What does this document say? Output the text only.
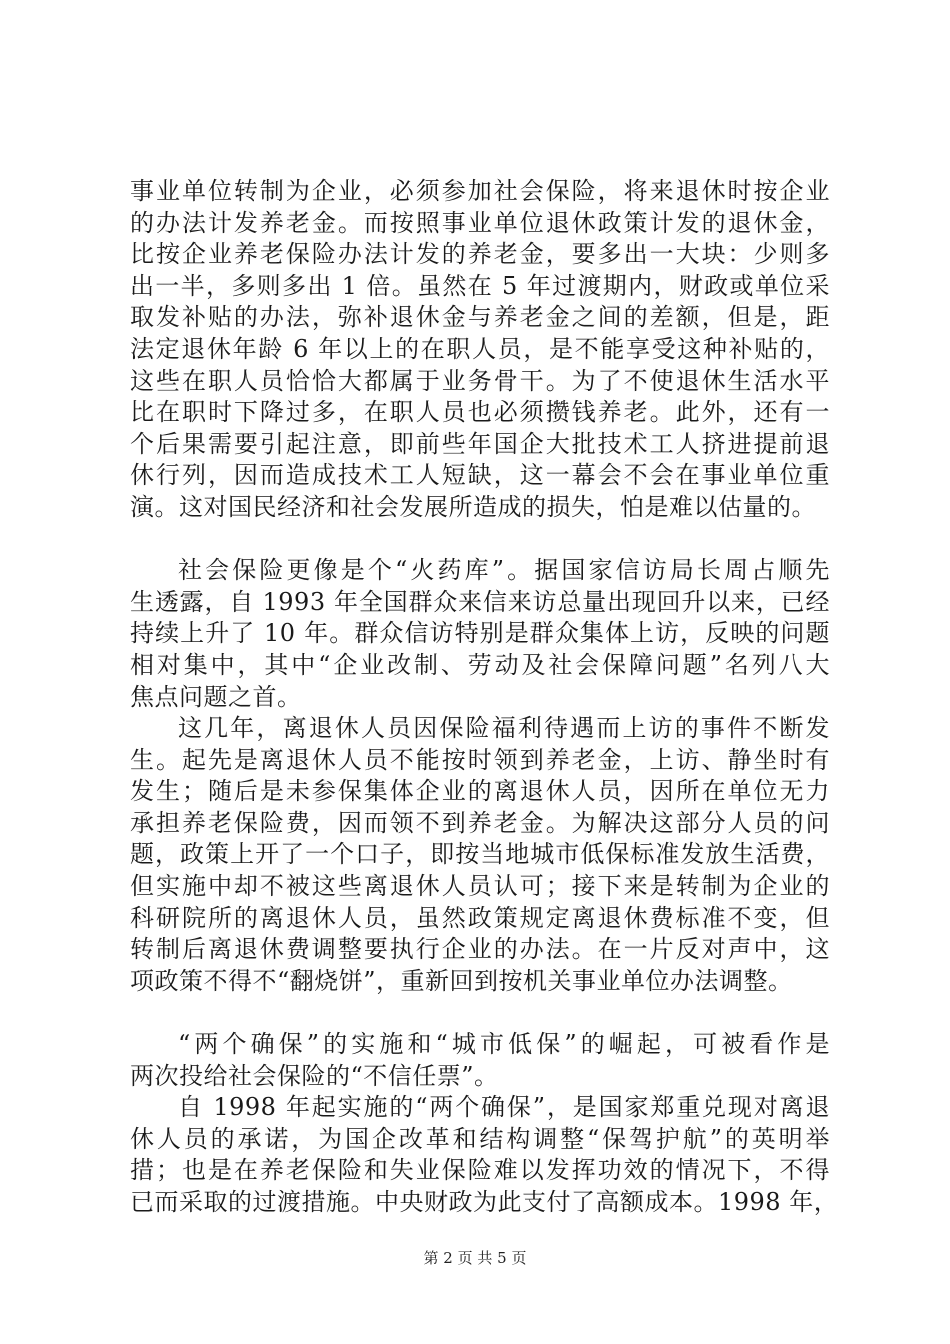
事业单位转制为企业，必须参加社会保险，将来退休时按企业
的办法计发养老金。而按照事业单位退休政策计发的退休金，
比按企业养老保险办法计发的养老金，要多出一大块：少则多
出一半，多则多出 1 倍。虽然在 5 年过渡期内，财政或单位采
取发补贴的办法，弥补退休金与养老金之间的差额，但是，距
法定退休年龄 6 年以上的在职人员，是不能享受这种补贴的，
这些在职人员恰恰大都属于业务骨干。为了不使退休生活水平
比在职时下降过多，在职人员也必须攒钱养老。此外，还有一
个后果需要引起注意，即前些年国企大批技术工人挤进提前退
休行列，因而造成技术工人短缺，这一幕会不会在事业单位重
演。这对国民经济和社会发展所造成的损失，怕是难以估量的。
社会保险更像是个“火药库”。据国家信访局长周占顺先
生透露，自 1993 年全国群众来信来访总量出现回升以来，已经
持续上升了 10 年。群众信访特别是群众集体上访，反映的问题
相对集中，其中“企业改制、劳动及社会保障问题”名列八大
焦点问题之首。
这几年，离退休人员因保险福利待遇而上访的事件不断发
生。起先是离退休人员不能按时领到养老金，上访、静坐时有
发生；随后是未参保集体企业的离退休人员，因所在单位无力
承担养老保险费，因而领不到养老金。为解决这部分人员的问
题，政策上开了一个口子，即按当地城市低保标准发放生活费，
但实施中却不被这些离退休人员认可；接下来是转制为企业的
科研院所的离退休人员，虽然政策规定离退休费标准不变，但
转制后离退休费调整要执行企业的办法。在一片反对声中，这
项政策不得不“翻烧饼”，重新回到按机关事业单位办法调整。
“两个确保”的实施和“城市低保”的崛起，可被看作是
两次投给社会保险的“不信任票”。
自 1998 年起实施的“两个确保”，是国家郑重兑现对离退
休人员的承诺，为国企改革和结构调整“保驾护航”的英明举
措；也是在养老保险和失业保险难以发挥功效的情况下，不得
已而采取的过渡措施。中央财政为此支付了高额成本。1998 年，
第 2 页 共 5 页
